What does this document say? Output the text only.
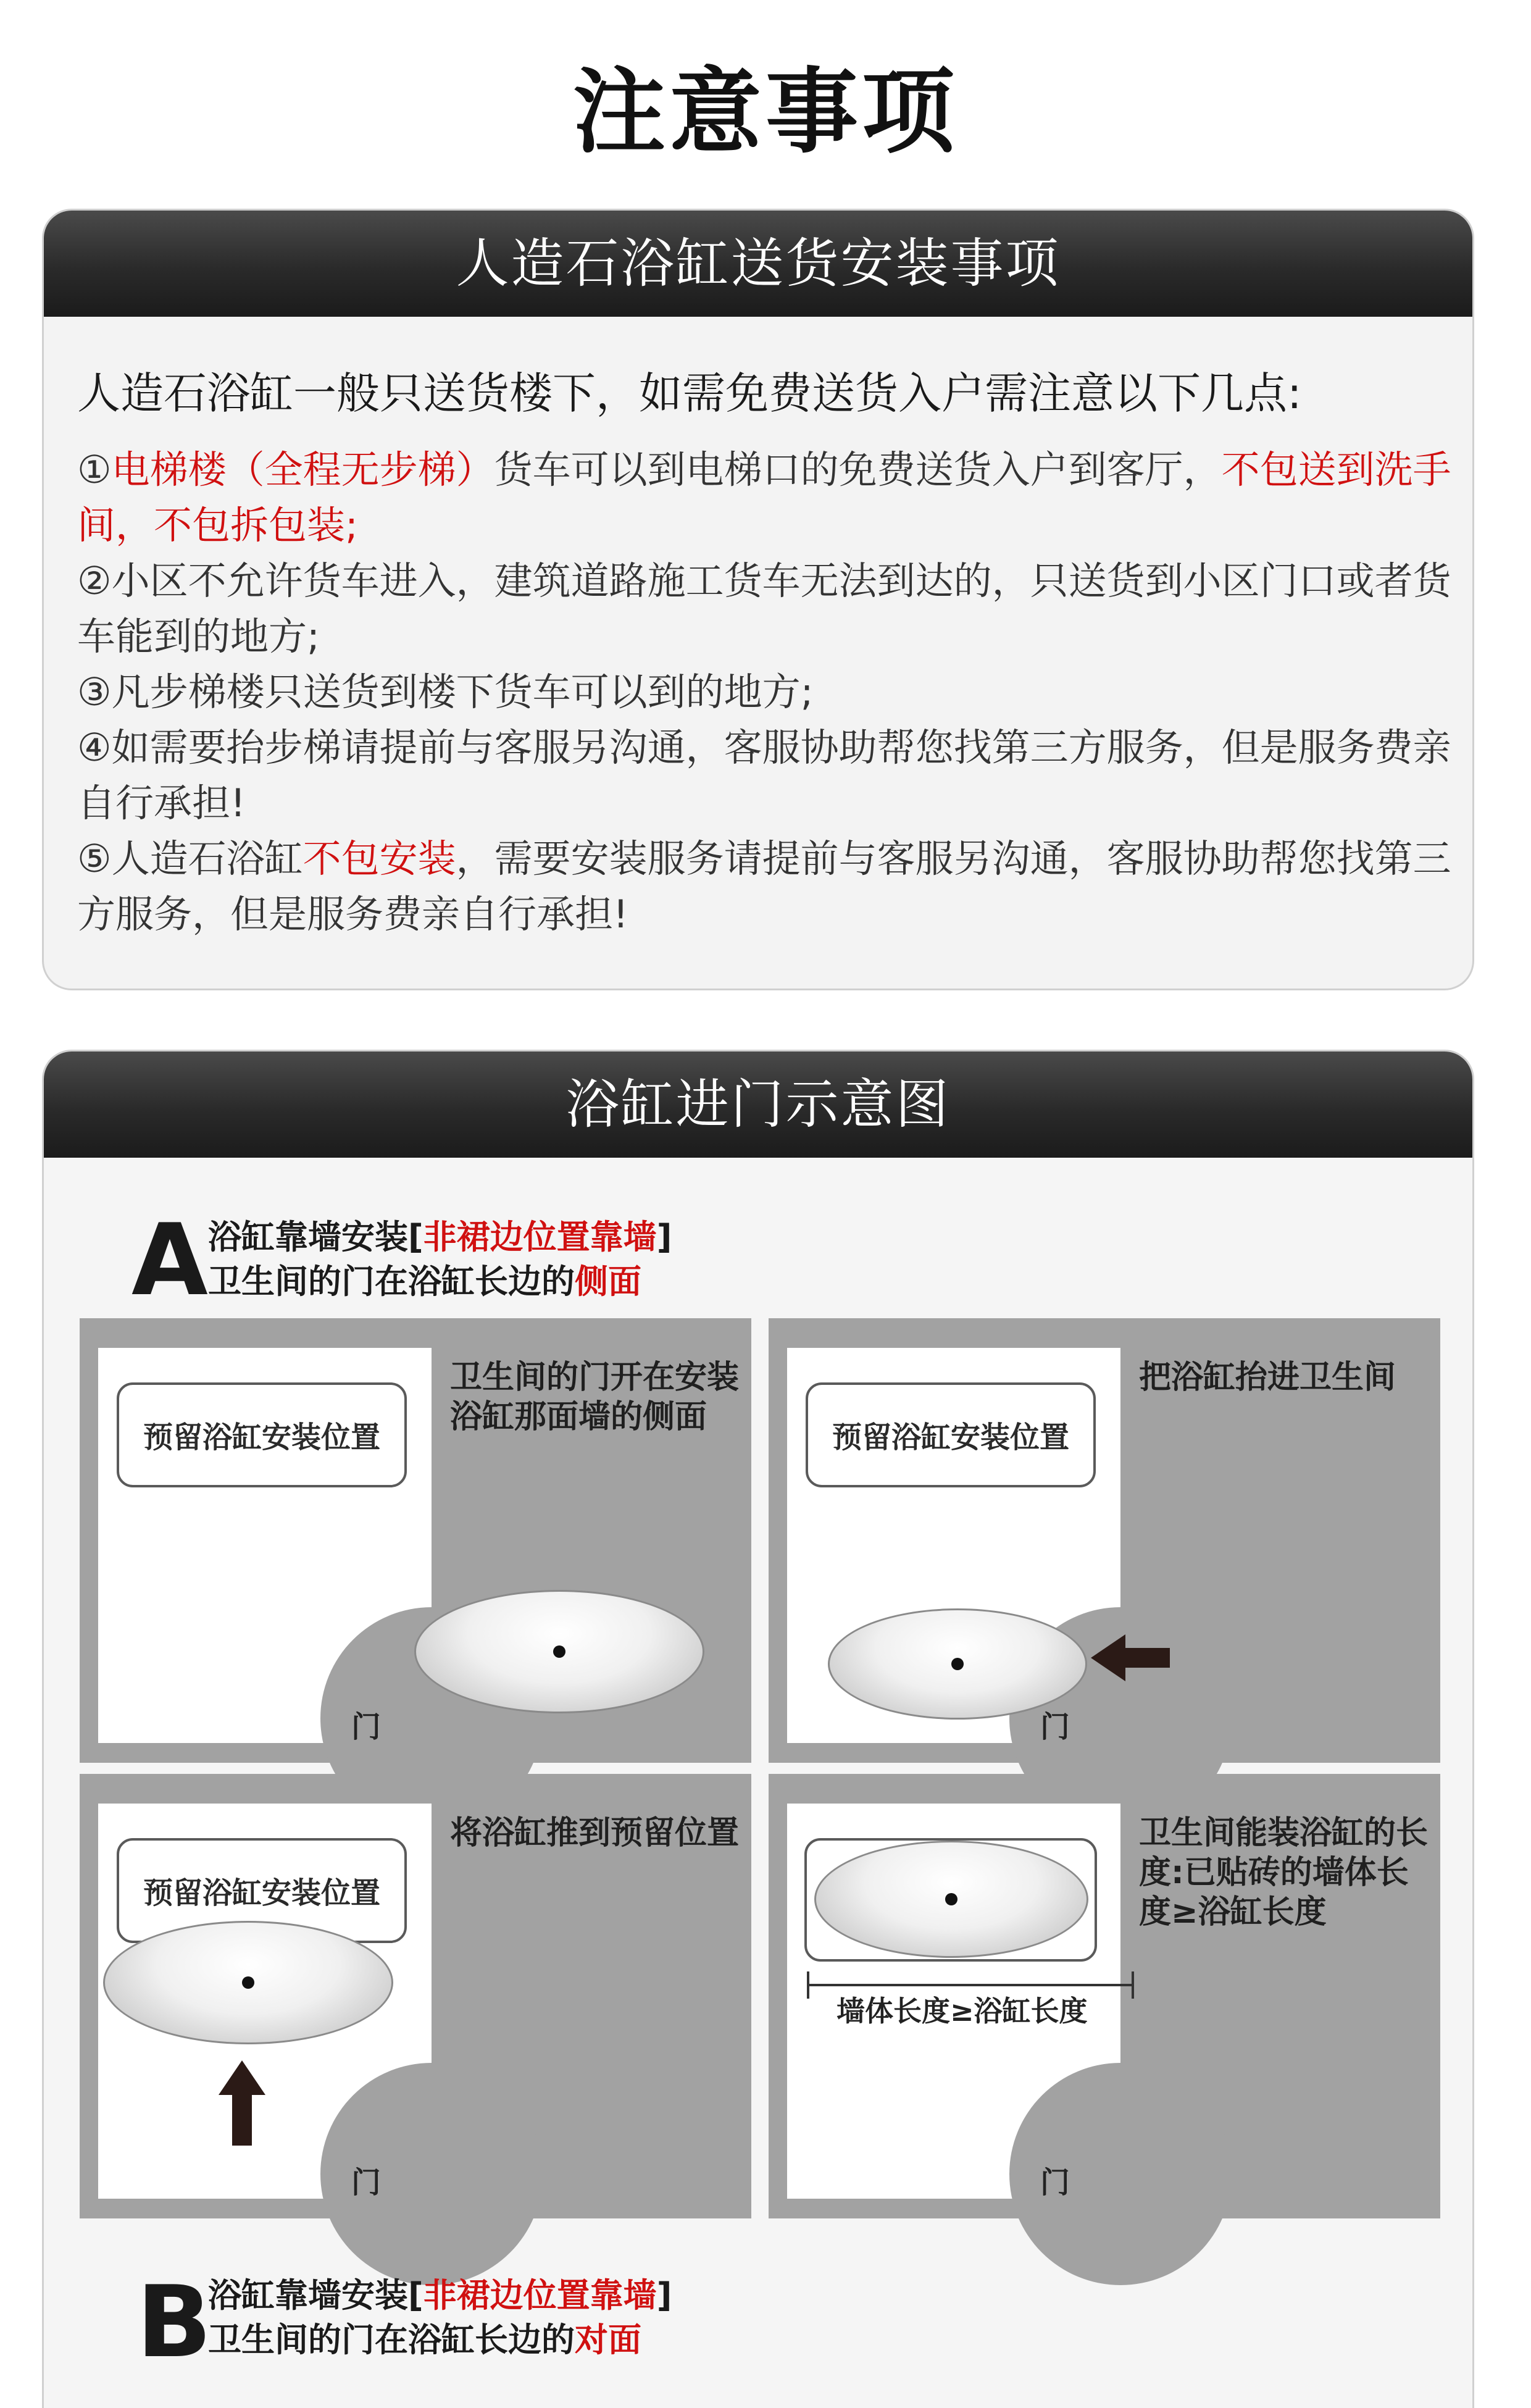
注意事项
人造石浴缸送货安装事项
人造石浴缸一般只送货楼下，如需免费送货入户需注意以下几点:

①电梯楼（全程无步梯）货车可以到电梯口的免费送货入户到客厅，不包送到洗手间，不包拆包装;

②小区不允许货车进入，建筑道路施工货车无法到达的，只送货到小区门口或者货车能到的地方;

③凡步梯楼只送货到楼下货车可以到的地方;

④如需要抬步梯请提前与客服另沟通，客服协助帮您找第三方服务，但是服务费亲自行承担!

⑤人造石浴缸不包安装，需要安装服务请提前与客服另沟通，客服协助帮您找第三方服务，但是服务费亲自行承担!

浴缸进门示意图
A 浴缸靠墙安装[非裙边位置靠墙]
卫生间的门在浴缸长边的侧面
预留浴缸安装位置
门
卫生间的门开在安装浴缸那面墙的侧面
预留浴缸安装位置
门
把浴缸抬进卫生间
预留浴缸安装位置
门
将浴缸推到预留位置
墙体长度≥浴缸长度
门
卫生间能装浴缸的长度:已贴砖的墙体长度≥浴缸长度
B
浴缸靠墙安装[非裙边位置靠墙]
卫生间的门在浴缸长边的对面
